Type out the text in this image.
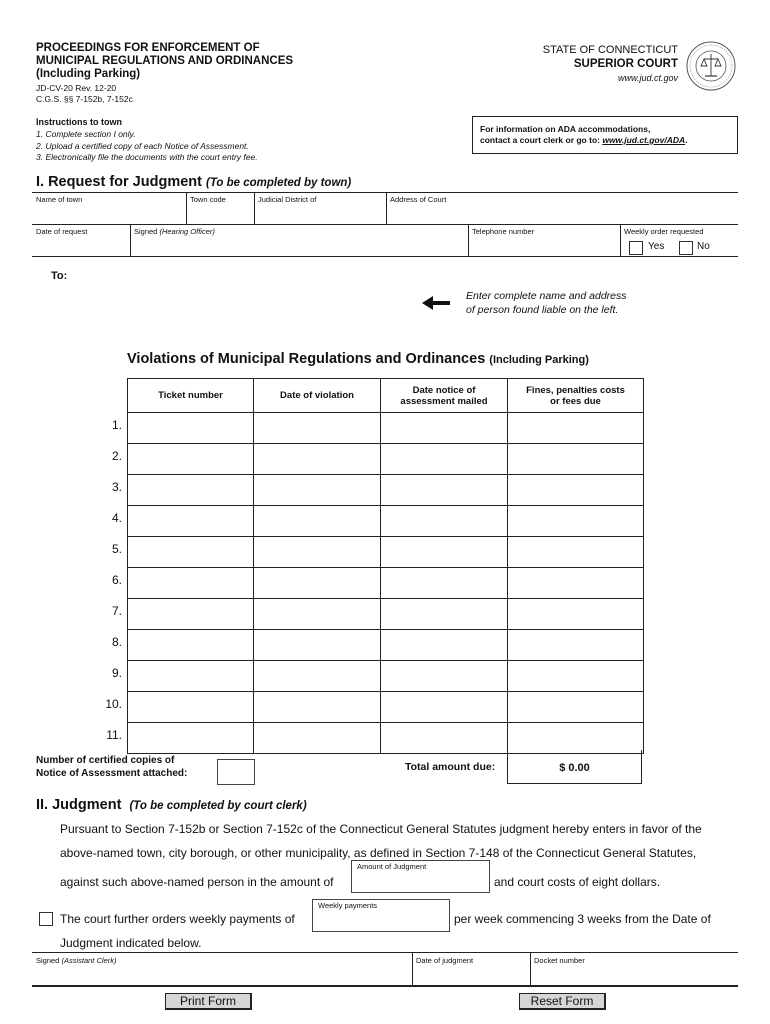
PROCEEDINGS FOR ENFORCEMENT OF
MUNICIPAL REGULATIONS AND ORDINANCES
(Including Parking)
JD-CV-20 Rev. 12-20
C.G.S. §§ 7-152b, 7-152c
STATE OF CONNECTICUT
SUPERIOR COURT
www.jud.ct.gov
Instructions to town
1. Complete section I only.
2. Upload a certified copy of each Notice of Assessment.
3. Electronically file the documents with the court entry fee.
For information on ADA accommodations,
contact a court clerk or go to: www.jud.ct.gov/ADA.
I. Request for Judgment (To be completed by town)
Name of town	Town code	Judicial District of	Address of Court
Date of request	Signed (Hearing Officer)	Telephone number	Weekly order requested
Yes	No
To:
Enter complete name and address
of person found liable on the left.
Violations of Municipal Regulations and Ordinances (Including Parking)
Ticket number	Date of violation	Date notice of assessment mailed	Fines, penalties costs or fees due

1.
2.
3.
4.
5.
6.
7.
8.
9.
10.
11.
Number of certified copies of
Notice of Assessment attached:
Total amount due:	$ 0.00
II. Judgment (To be completed by court clerk)
Pursuant to Section 7-152b or Section 7-152c of the Connecticut General Statutes judgment hereby enters in favor of the
above-named town, city borough, or other municipality, as defined in Section 7-148 of the Connecticut General Statutes,
against such above-named person in the amount of
Amount of Judgment
and court costs of eight dollars.
The court further orders weekly payments of
Weekly payments
per week commencing 3 weeks from the Date of
Judgment indicated below.
Signed (Assistant Clerk)	Date of judgment	Docket number
Print Form	Reset Form
